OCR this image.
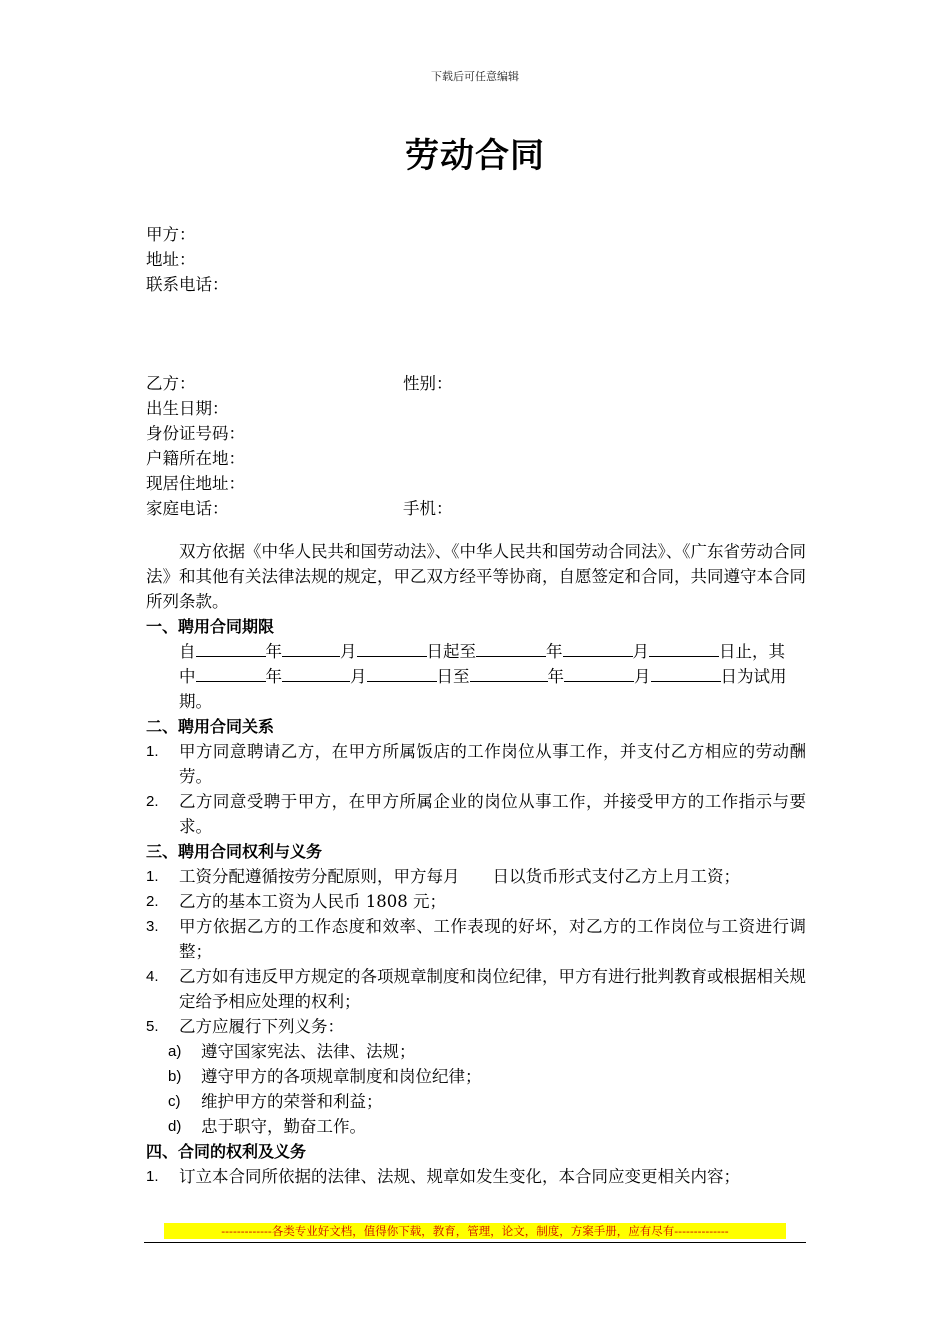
下载后可任意编辑
劳动合同
甲方：
地址：
联系电话：
乙方：	性别：
出生日期：
身份证号码：
户籍所在地：
现居住地址：
家庭电话：	手机：
双方依据《中华人民共和国劳动法》、《中华人民共和国劳动合同法》、《广东省劳动合同法》和其他有关法律法规的规定，甲乙双方经平等协商，自愿签定和合同，共同遵守本合同所列条款。
一、聘用合同期限
自	年	月	日起至	年	月	日止，其
中	年	月	日至	年	月	日为试用
期。
二、聘用合同关系
1.	甲方同意聘请乙方，在甲方所属饭店的工作岗位从事工作，并支付乙方相应的劳动酬劳。
2.	乙方同意受聘于甲方，在甲方所属企业的岗位从事工作，并接受甲方的工作指示与要求。
三、聘用合同权利与义务
1.	工资分配遵循按劳分配原则，甲方每月　　日以货币形式支付乙方上月工资；
2.	乙方的基本工资为人民币 1808 元；
3.	甲方依据乙方的工作态度和效率、工作表现的好坏，对乙方的工作岗位与工资进行调整；
4.	乙方如有违反甲方规定的各项规章制度和岗位纪律，甲方有进行批判教育或根据相关规定给予相应处理的权利；
5.	乙方应履行下列义务：
a)	遵守国家宪法、法律、法规；
b)	遵守甲方的各项规章制度和岗位纪律；
c)	维护甲方的荣誉和利益；
d)	忠于职守，勤奋工作。
四、合同的权利及义务
1.	订立本合同所依据的法律、法规、规章如发生变化，本合同应变更相关内容；
-------------各类专业好文档，值得你下载，教育，管理，论文，制度，方案手册，应有尽有--------------
